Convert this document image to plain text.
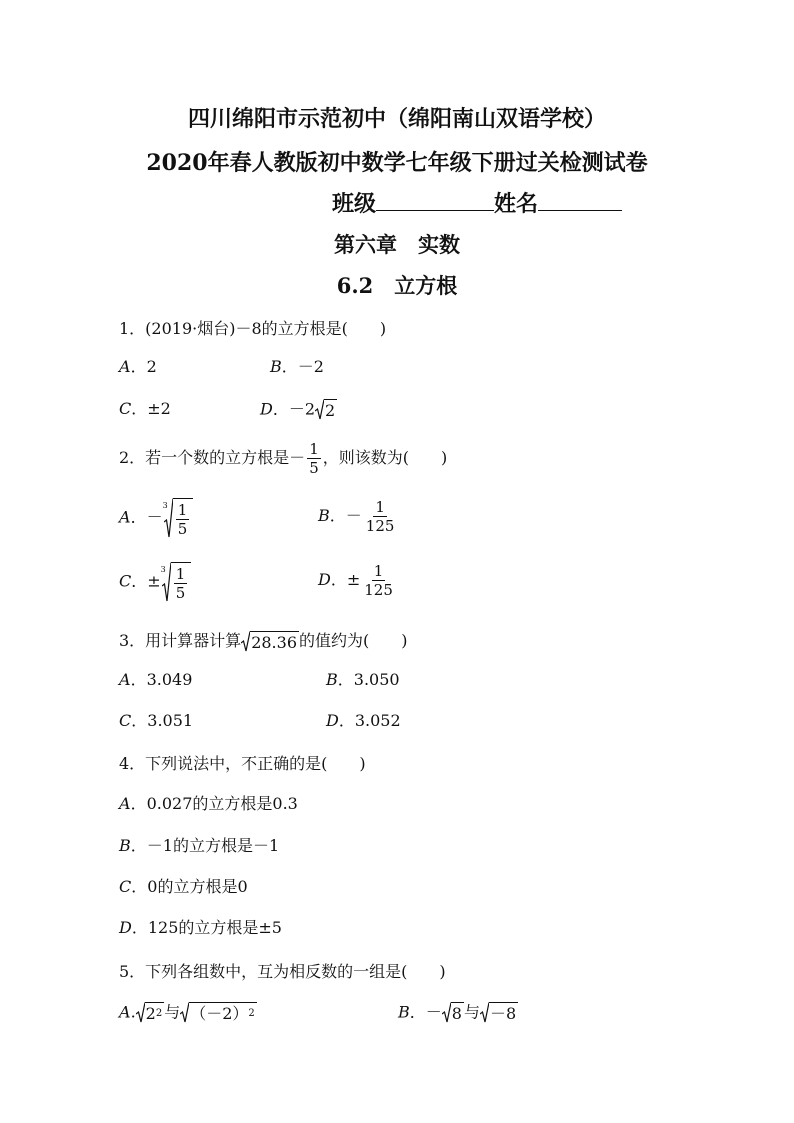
四川绵阳市示范初中（绵阳南山双语学校）
2020年春人教版初中数学七年级下册过关检测试卷
班级	姓名
第六章　实数
6.2　立方根
1．(2019·烟台)－8的立方根是(　　)
A．2	B．－2
C．±2	D．－2 2
2．若一个数的立方根是－ $\frac{1}{5}$ ，则该数为(　　)
A．$-^3 \frac{1}{5}$	B．－ $\frac{1}{125}$
C．$\pm^3 \frac{1}{5}$	D．± $\frac{1}{125}$
3．用计算器计算 28.36 的值约为(　　)
A．3.049	B．3.050
C．3.051	D．3.052
4．下列说法中，不正确的是(　　)
A．0.027的立方根是0.3
B．－1的立方根是－1
C．0的立方根是0
D．125的立方根是±5
5．下列各组数中，互为相反数的一组是(　　)
A. 2 2 与 （－2） 2	B．－ 8 与 －8
